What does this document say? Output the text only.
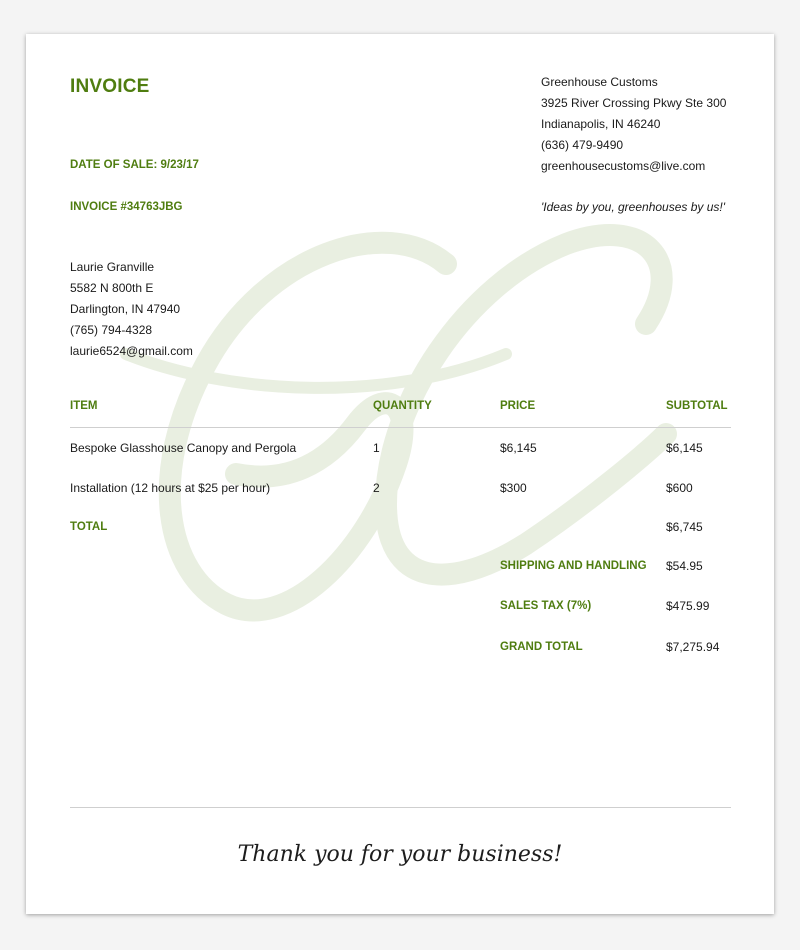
INVOICE
DATE OF SALE: 9/23/17
INVOICE #34763JBG
Greenhouse Customs
3925 River Crossing Pkwy Ste 300
Indianapolis, IN 46240
(636) 479-9490
greenhousecustoms@live.com
'Ideas by you, greenhouses by us!'
Laurie Granville
5582 N 800th E
Darlington, IN 47940
(765) 794-4328
laurie6524@gmail.com
ITEM	QUANTITY	PRICE	SUBTOTAL
Bespoke Glasshouse Canopy and Pergola	1	$6,145	$6,145
Installation (12 hours at $25 per hour)	2	$300	$600
TOTAL	$6,745
SHIPPING AND HANDLING $54.95
SALES TAX (7%)	$475.99
GRAND TOTAL	$7,275.94
Thank you for your business!
